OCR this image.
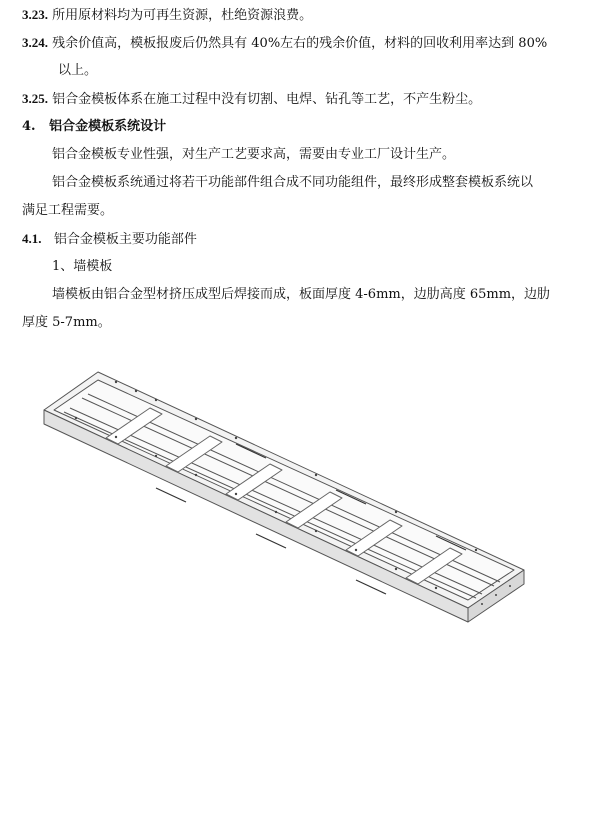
3.23. 所用原材料均为可再生资源，杜绝资源浪费。
3.24. 残余价值高，模板报废后仍然具有 40%左右的残余价值，材料的回收利用率达到 80%
以上。
3.25. 铝合金模板体系在施工过程中没有切割、电焊、钻孔等工艺，不产生粉尘。
4. 铝合金模板系统设计
铝合金模板专业性强，对生产工艺要求高，需要由专业工厂设计生产。
铝合金模板系统通过将若干功能部件组合成不同功能组件，最终形成整套模板系统以
满足工程需要。
4.1. 铝合金模板主要功能部件
1、墙模板
墙模板由铝合金型材挤压成型后焊接而成，板面厚度 4-6mm，边肋高度 65mm，边肋
厚度 5-7mm。
